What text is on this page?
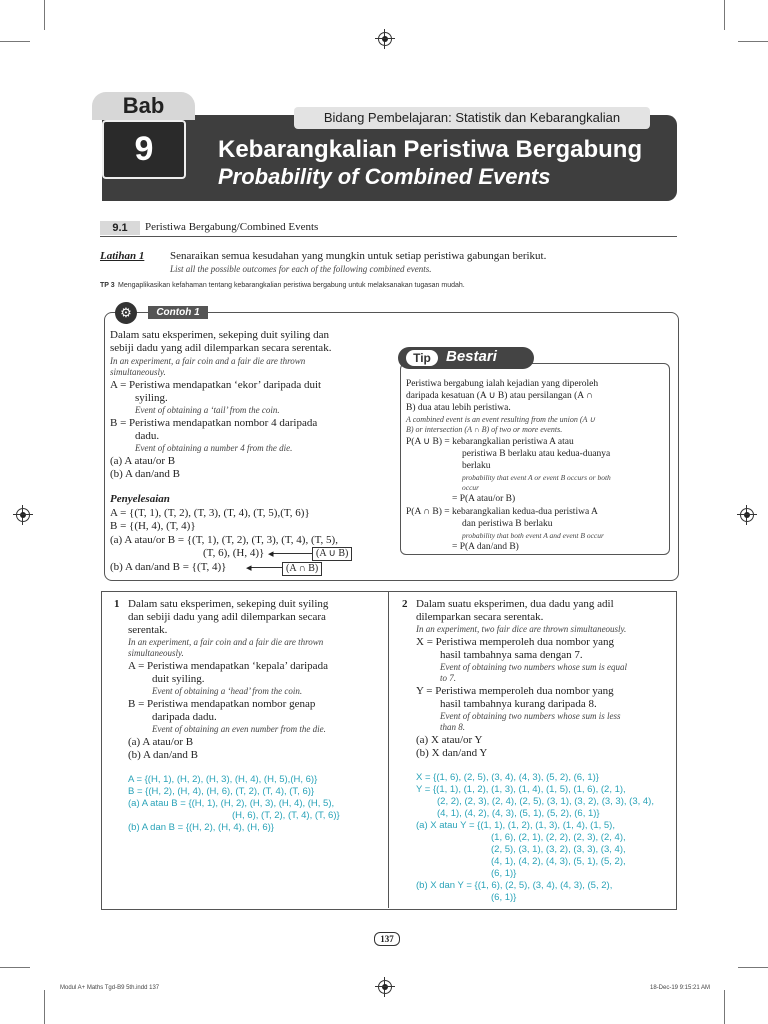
Bab
9
Bidang Pembelajaran: Statistik dan Kebarangkalian
Kebarangkalian Peristiwa Bergabung
Probability of Combined Events
9.1	Peristiwa Bergabung/Combined Events
Latihan 1 Senaraikan semua kesudahan yang mungkin untuk setiap peristiwa gabungan berikut.
List all the possible outcomes for each of the following combined events.
TP 3 Mengaplikasikan kefahaman tentang kebarangkalian peristiwa bergabung untuk melaksanakan tugasan mudah.
⚙	Contoh 1
Dalam satu eksperimen, sekeping duit syiling dan
sebiji dadu yang adil dilemparkan secara serentak.
In an experiment, a fair coin and a fair die are thrown
simultaneously.
A = Peristiwa mendapatkan ‘ekor’ daripada duit
syiling.
Event of obtaining a ‘tail’ from the coin.
B = Peristiwa mendapatkan nombor 4 daripada
dadu.
Event of obtaining a number 4 from the die.
(a) A atau/or B
(b) A dan/and B
Penyelesaian
A = {(T, 1), (T, 2), (T, 3), (T, 4), (T, 5),(T, 6)}
B = {(H, 4), (T, 4)}
(a) A atau/or B = {(T, 1), (T, 2), (T, 3), (T, 4), (T, 5),
(T, 6), (H, 4)}
(b) A dan/and B = {(T, 4)}
◂	(A ∪ B)
◂	(A ∩ B)
Tip	Bestari
Peristiwa bergabung ialah kejadian yang diperoleh
daripada kesatuan (A ∪ B) atau persilangan (A ∩
B) dua atau lebih peristiwa.
A combined event is an event resulting from the union (A ∪
B) or intersection (A ∩ B) of two or more events.
P(A ∪ B) = kebarangkalian peristiwa A atau
peristiwa B berlaku atau kedua-duanya
berlaku
probability that event A or event B occurs or both
occur
= P(A atau/or B)
P(A ∩ B) = kebarangkalian kedua-dua peristiwa A
dan peristiwa B berlaku
probability that both event A and event B occur
= P(A dan/and B)
1 Dalam satu eksperimen, sekeping duit syiling
dan sebiji dadu yang adil dilemparkan secara
serentak.
In an experiment, a fair coin and a fair die are thrown
simultaneously.
A = Peristiwa mendapatkan ‘kepala’ daripada
duit syiling.
Event of obtaining a ‘head’ from the coin.
B = Peristiwa mendapatkan nombor genap
daripada dadu.
Event of obtaining an even number from the die.
(a) A atau/or B
(b) A dan/and B
A = {(H, 1), (H, 2), (H, 3), (H, 4), (H, 5),(H, 6)}
B = {(H, 2), (H, 4), (H, 6), (T, 2), (T, 4), (T, 6)}
(a) A atau B = {(H, 1), (H, 2), (H, 3), (H, 4), (H, 5),
(H, 6), (T, 2), (T, 4), (T, 6)}
(b) A dan B = {(H, 2), (H, 4), (H, 6)}
2 Dalam suatu eksperimen, dua dadu yang adil
dilemparkan secara serentak.
In an experiment, two fair dice are thrown simultaneously.
X = Peristiwa memperoleh dua nombor yang
hasil tambahnya sama dengan 7.
Event of obtaining two numbers whose sum is equal
to 7.
Y = Peristiwa memperoleh dua nombor yang
hasil tambahnya kurang daripada 8.
Event of obtaining two numbers whose sum is less
than 8.
(a) X atau/or Y
(b) X dan/and Y
X = {(1, 6), (2, 5), (3, 4), (4, 3), (5, 2), (6, 1)}
Y = {(1, 1), (1, 2), (1, 3), (1, 4), (1, 5), (1, 6), (2, 1),
(2, 2), (2, 3), (2, 4), (2, 5), (3, 1), (3, 2), (3, 3), (3, 4),
(4, 1), (4, 2), (4, 3), (5, 1), (5, 2), (6, 1)}
(a) X atau Y = {(1, 1), (1, 2), (1, 3), (1, 4), (1, 5),
(1, 6), (2, 1), (2, 2), (2, 3), (2, 4),
(2, 5), (3, 1), (3, 2), (3, 3), (3, 4),
(4, 1), (4, 2), (4, 3), (5, 1), (5, 2),
(6, 1)}
(b) X dan Y = {(1, 6), (2, 5), (3, 4), (4, 3), (5, 2),
(6, 1)}
137
Modul A+ Maths Tgd-B9 5th.indd 137	18-Dec-19 9:15:21 AM
